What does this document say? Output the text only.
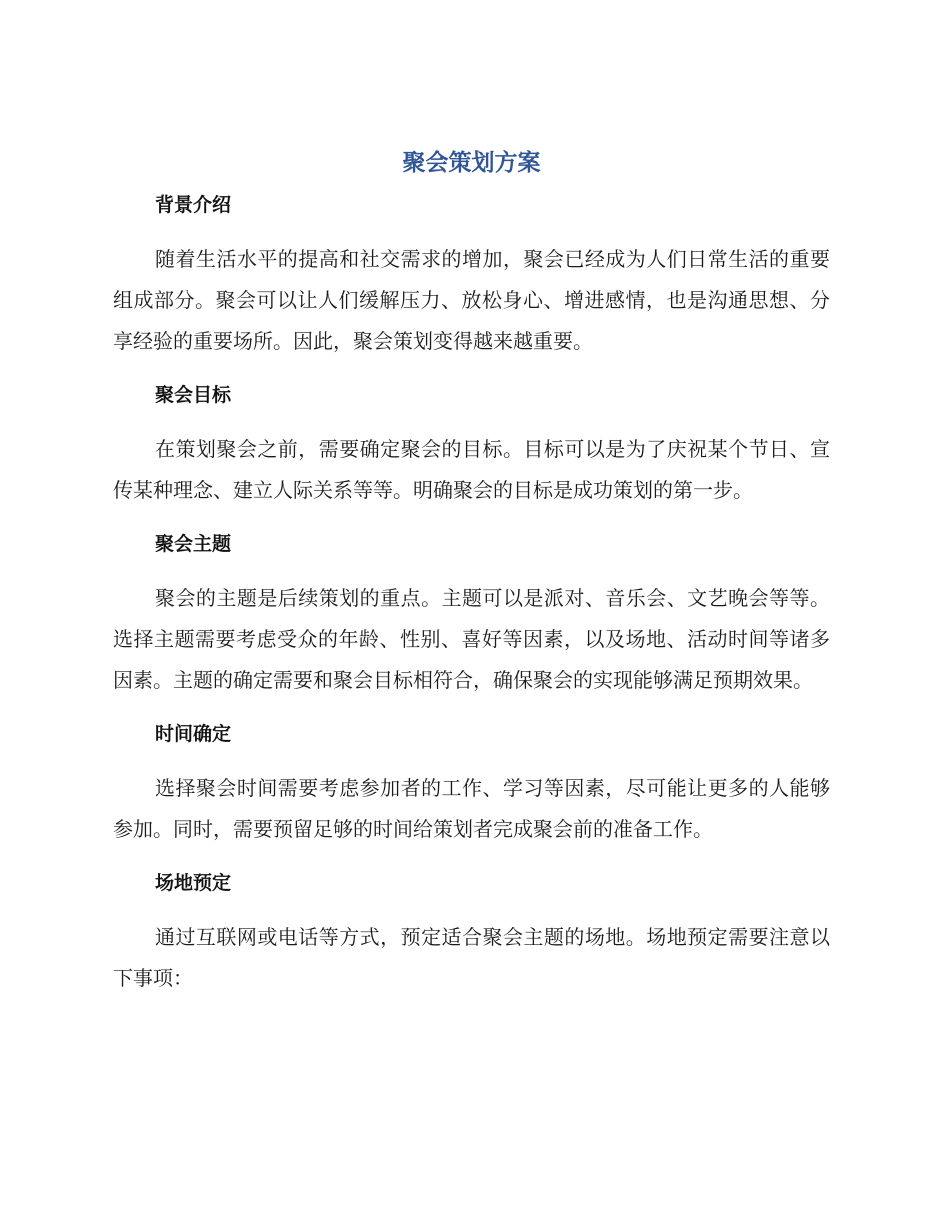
聚会策划方案
背景介绍

随着生活水平的提高和社交需求的增加，聚会已经成为人们日常生活的重要组成部分。聚会可以让人们缓解压力、放松身心、增进感情，也是沟通思想、分享经验的重要场所。因此，聚会策划变得越来越重要。

聚会目标

在策划聚会之前，需要确定聚会的目标。目标可以是为了庆祝某个节日、宣传某种理念、建立人际关系等等。明确聚会的目标是成功策划的第一步。

聚会主题

聚会的主题是后续策划的重点。主题可以是派对、音乐会、文艺晚会等等。选择主题需要考虑受众的年龄、性别、喜好等因素，以及场地、活动时间等诸多因素。主题的确定需要和聚会目标相符合，确保聚会的实现能够满足预期效果。

时间确定

选择聚会时间需要考虑参加者的工作、学习等因素，尽可能让更多的人能够参加。同时，需要预留足够的时间给策划者完成聚会前的准备工作。

场地预定

通过互联网或电话等方式，预定适合聚会主题的场地。场地预定需要注意以下事项：
